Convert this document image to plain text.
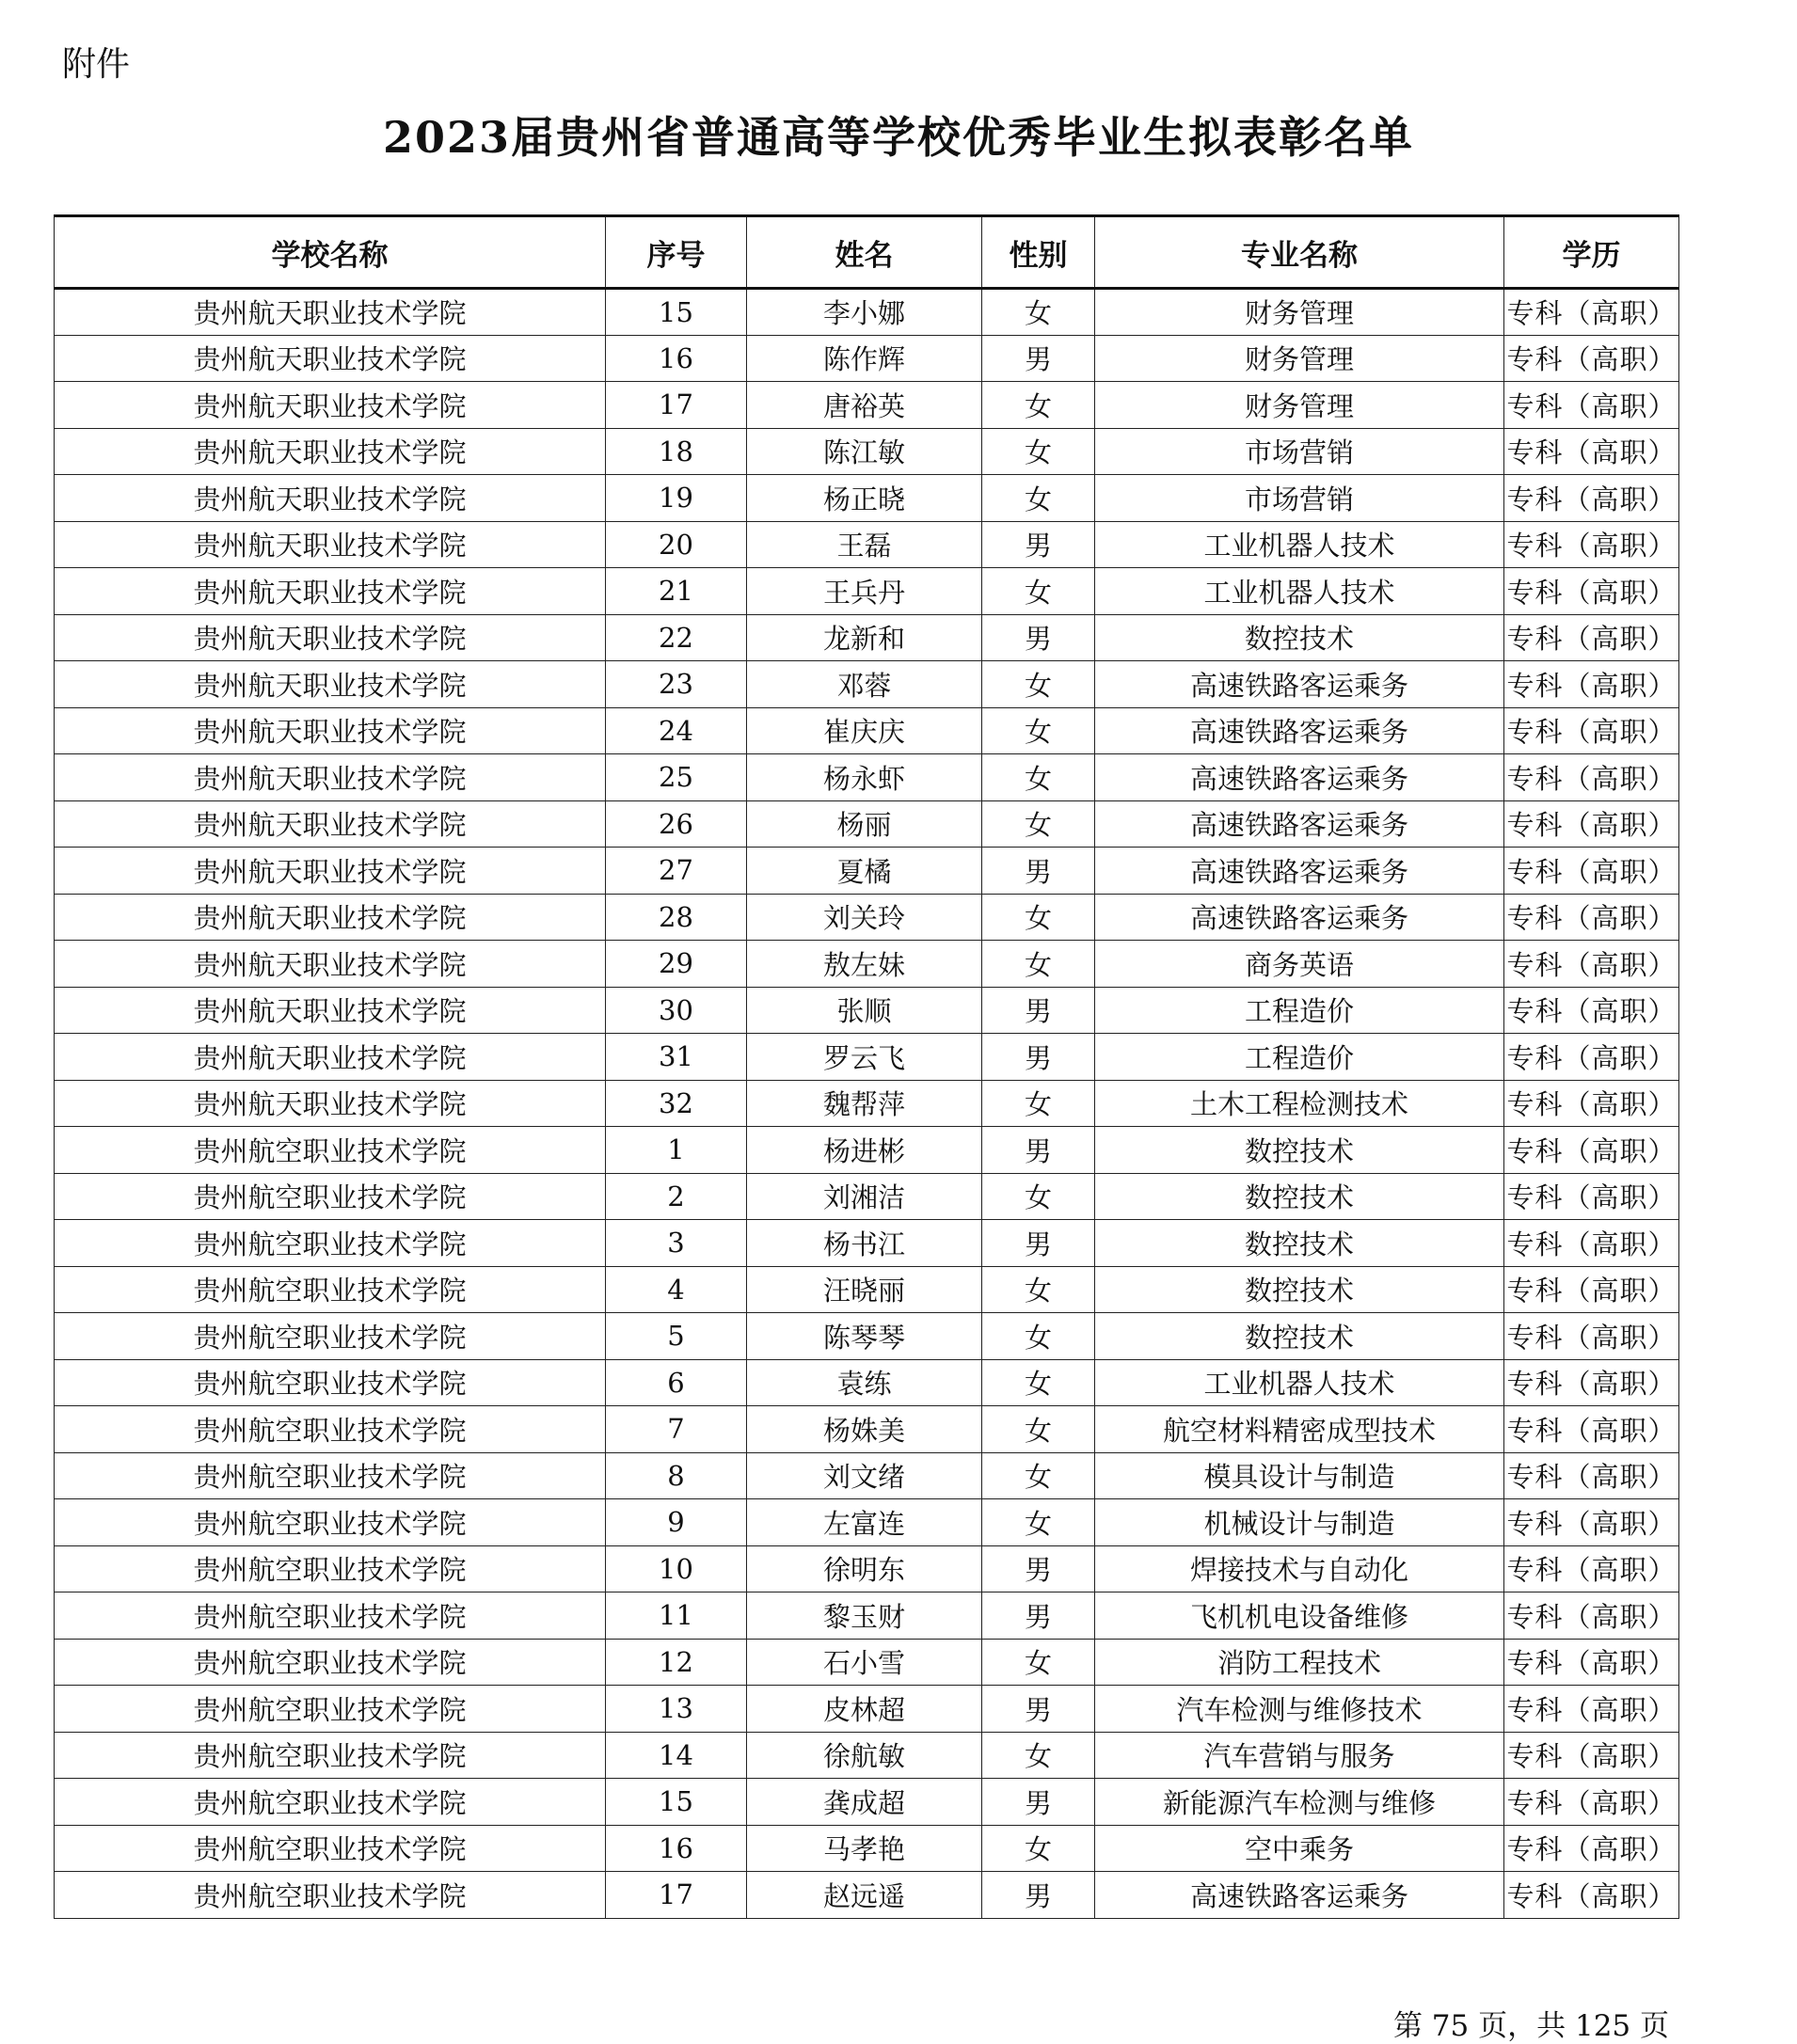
附件
2023届贵州省普通高等学校优秀毕业生拟表彰名单
学校名称	序号	姓名	性别	专业名称	学历
贵州航天职业技术学院	15	李小娜	女	财务管理	专科（高职）
贵州航天职业技术学院	16	陈作辉	男	财务管理	专科（高职）
贵州航天职业技术学院	17	唐裕英	女	财务管理	专科（高职）
贵州航天职业技术学院	18	陈江敏	女	市场营销	专科（高职）
贵州航天职业技术学院	19	杨正晓	女	市场营销	专科（高职）
贵州航天职业技术学院	20	王磊	男	工业机器人技术	专科（高职）
贵州航天职业技术学院	21	王兵丹	女	工业机器人技术	专科（高职）
贵州航天职业技术学院	22	龙新和	男	数控技术	专科（高职）
贵州航天职业技术学院	23	邓蓉	女	高速铁路客运乘务	专科（高职）
贵州航天职业技术学院	24	崔庆庆	女	高速铁路客运乘务	专科（高职）
贵州航天职业技术学院	25	杨永虾	女	高速铁路客运乘务	专科（高职）
贵州航天职业技术学院	26	杨丽	女	高速铁路客运乘务	专科（高职）
贵州航天职业技术学院	27	夏橘	男	高速铁路客运乘务	专科（高职）
贵州航天职业技术学院	28	刘关玲	女	高速铁路客运乘务	专科（高职）
贵州航天职业技术学院	29	敖左妹	女	商务英语	专科（高职）
贵州航天职业技术学院	30	张顺	男	工程造价	专科（高职）
贵州航天职业技术学院	31	罗云飞	男	工程造价	专科（高职）
贵州航天职业技术学院	32	魏帮萍	女	土木工程检测技术	专科（高职）
贵州航空职业技术学院	1	杨进彬	男	数控技术	专科（高职）
贵州航空职业技术学院	2	刘湘洁	女	数控技术	专科（高职）
贵州航空职业技术学院	3	杨书江	男	数控技术	专科（高职）
贵州航空职业技术学院	4	汪晓丽	女	数控技术	专科（高职）
贵州航空职业技术学院	5	陈琴琴	女	数控技术	专科（高职）
贵州航空职业技术学院	6	袁练	女	工业机器人技术	专科（高职）
贵州航空职业技术学院	7	杨姝美	女	航空材料精密成型技术	专科（高职）
贵州航空职业技术学院	8	刘文绪	女	模具设计与制造	专科（高职）
贵州航空职业技术学院	9	左富连	女	机械设计与制造	专科（高职）
贵州航空职业技术学院	10	徐明东	男	焊接技术与自动化	专科（高职）
贵州航空职业技术学院	11	黎玉财	男	飞机机电设备维修	专科（高职）
贵州航空职业技术学院	12	石小雪	女	消防工程技术	专科（高职）
贵州航空职业技术学院	13	皮林超	男	汽车检测与维修技术	专科（高职）
贵州航空职业技术学院	14	徐航敏	女	汽车营销与服务	专科（高职）
贵州航空职业技术学院	15	龚成超	男	新能源汽车检测与维修	专科（高职）
贵州航空职业技术学院	16	马孝艳	女	空中乘务	专科（高职）
贵州航空职业技术学院	17	赵远遥	男	高速铁路客运乘务	专科（高职）
第 75 页，共 125 页
